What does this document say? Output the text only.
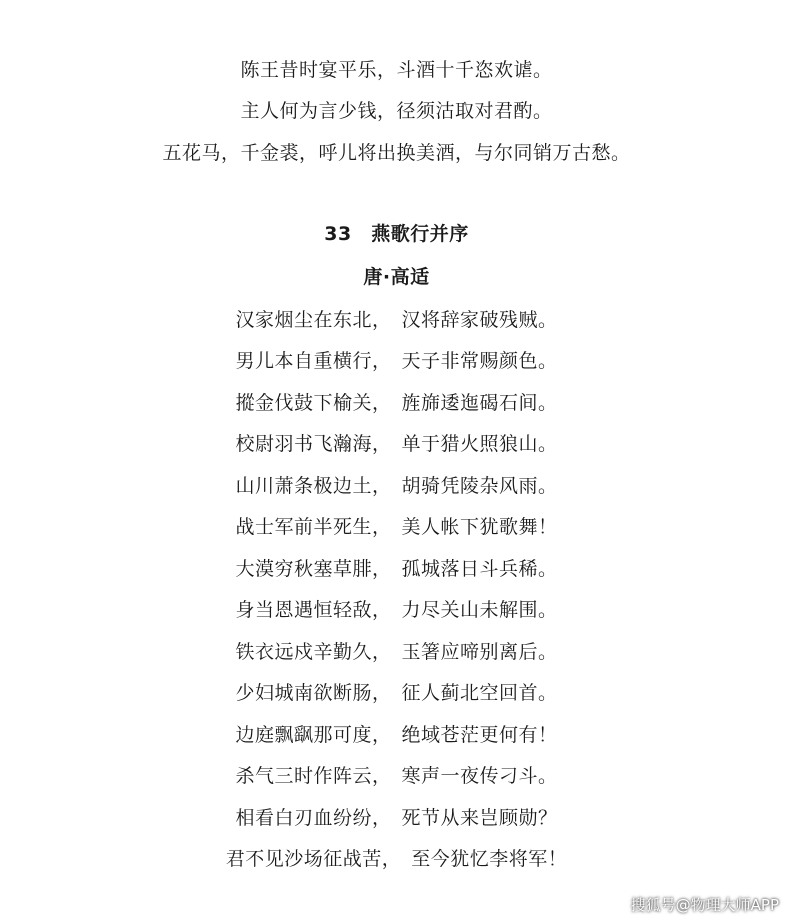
陈王昔时宴平乐，斗酒十千恣欢谑。
主人何为言少钱，径须沽取对君酌。
五花马，千金裘，呼儿将出换美酒，与尔同销万古愁。
33　燕歌行并序
唐·高适
汉家烟尘在东北，　汉将辞家破残贼。
男儿本自重横行，　天子非常赐颜色。
摐金伐鼓下榆关，　旌旆逶迤碣石间。
校尉羽书飞瀚海，　单于猎火照狼山。
山川萧条极边土，　胡骑凭陵杂风雨。
战士军前半死生，　美人帐下犹歌舞！
大漠穷秋塞草腓，　孤城落日斗兵稀。
身当恩遇恒轻敌，　力尽关山未解围。
铁衣远戍辛勤久，　玉箸应啼别离后。
少妇城南欲断肠，　征人蓟北空回首。
边庭飘飖那可度，　绝域苍茫更何有！
杀气三时作阵云，　寒声一夜传刁斗。
相看白刃血纷纷，　死节从来岂顾勋？
君不见沙场征战苦，　至今犹忆李将军！
搜狐号@物理大师APP
